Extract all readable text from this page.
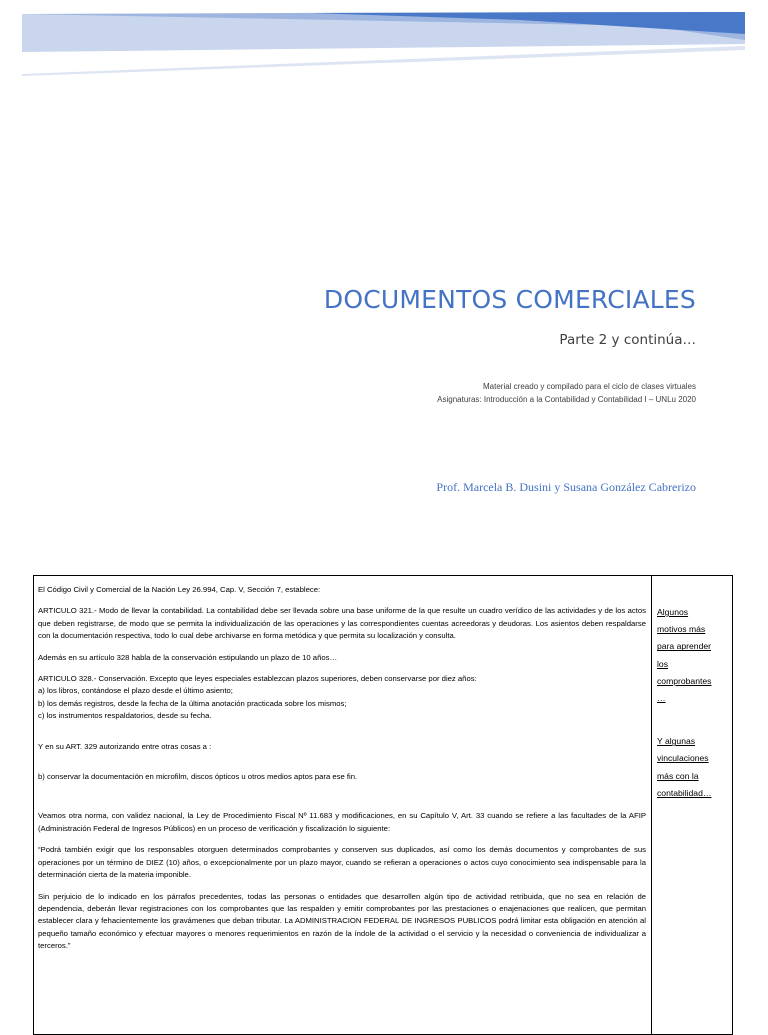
DOCUMENTOS COMERCIALES
Parte 2 y continúa…
Material creado y compilado para el ciclo de clases virtuales
Asignaturas: Introducción a la Contabilidad y Contabilidad I – UNLu 2020
Prof. Marcela B. Dusini y Susana González Cabrerizo

El Código Civil y Comercial de la Nación Ley 26.994, Cap. V, Sección 7, establece:

ARTICULO 321.- Modo de llevar la contabilidad. La contabilidad debe ser llevada sobre una base uniforme de la que resulte un cuadro verídico de las actividades y de los actos que deben registrarse, de modo que se permita la individualización de las operaciones y las correspondientes cuentas acreedoras y deudoras. Los asientos deben respaldarse con la documentación respectiva, todo lo cual debe archivarse en forma metódica y que permita su localización y consulta.

Además en su artículo 328 habla de la conservación estipulando un plazo de 10 años…

ARTICULO 328.- Conservación. Excepto que leyes especiales establezcan plazos superiores, deben conservarse por diez años:

a) los libros, contándose el plazo desde el último asiento;

b) los demás registros, desde la fecha de la última anotación practicada sobre los mismos;

c) los instrumentos respaldatorios, desde su fecha.

Y en su ART. 329 autorizando entre otras cosas a :

b) conservar la documentación en microfilm, discos ópticos u otros medios aptos para ese fin.

Veamos otra norma, con validez nacional, la Ley de Procedimiento Fiscal Nº 11.683 y modificaciones, en su Capítulo V, Art. 33 cuando se refiere a las facultades de la AFIP (Administración Federal de Ingresos Públicos) en un proceso de verificación y fiscalización lo siguiente:

“Podrá también exigir que los responsables otorguen determinados comprobantes y conserven sus duplicados, así como los demás documentos y comprobantes de sus operaciones por un término de DIEZ (10) años, o excepcionalmente por un plazo mayor, cuando se refieran a operaciones o actos cuyo conocimiento sea indispensable para la determinación cierta de la materia imponible.

Sin perjuicio de lo indicado en los párrafos precedentes, todas las personas o entidades que desarrollen algún tipo de actividad retribuida, que no sea en relación de dependencia, deberán llevar registraciones con los comprobantes que las respalden y emitir comprobantes por las prestaciones o enajenaciones que realicen, que permitan establecer clara y fehacientemente los gravámenes que deban tributar. La ADMINISTRACION FEDERAL DE INGRESOS PUBLICOS podrá limitar esta obligación en atención al pequeño tamaño económico y efectuar mayores o menores requerimientos en razón de la índole de la actividad o el servicio y la necesidad o conveniencia de individualizar a terceros.”

Algunos
motivos más
para aprender
los
comprobantes
…
Y algunas
vinculaciones
más con la
contabilidad…
